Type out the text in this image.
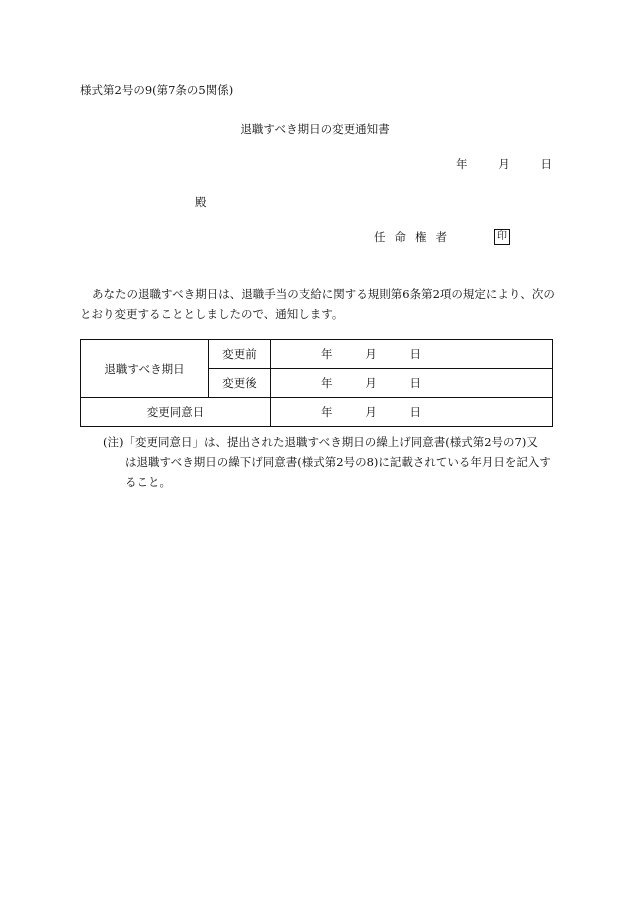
様式第2号の9(第7条の5関係)
退職すべき期日の変更通知書
年	月	日
殿
任命権者	印
あなたの退職すべき期日は、退職手当の支給に関する規則第6条第2項の規定により、次のとおり変更することとしましたので、通知します。
退職すべき期日	変更前	年 月 日

	変更後	年 月 日

変更同意日		年 月 日
(注)「変更同意日」は、提出された退職すべき期日の繰上げ同意書(様式第2号の7)又
は退職すべき期日の繰下げ同意書(様式第2号の8)に記載されている年月日を記入すること。
